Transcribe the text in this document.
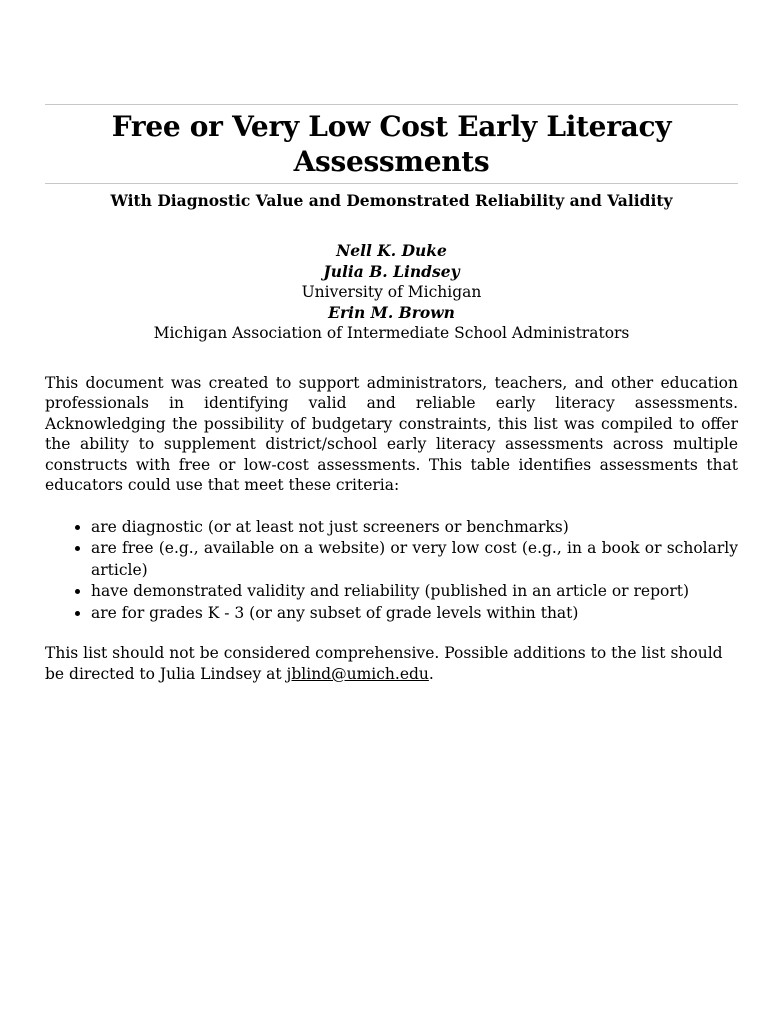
Free or Very Low Cost Early Literacy Assessments
With Diagnostic Value and Demonstrated Reliability and Validity
Nell K. Duke
Julia B. Lindsey
University of Michigan
Erin M. Brown
Michigan Association of Intermediate School Administrators

This document was created to support administrators, teachers, and other education professionals in identifying valid and reliable early literacy assessments. Acknowledging the possibility of budgetary constraints, this list was compiled to offer the ability to supplement district/school early literacy assessments across multiple constructs with free or low-cost assessments. This table identifies assessments that educators could use that meet these criteria:

• are diagnostic (or at least not just screeners or benchmarks)
• are free (e.g., available on a website) or very low cost (e.g., in a book or scholarly article)
• have demonstrated validity and reliability (published in an article or report)
• are for grades K - 3 (or any subset of grade levels within that)

This list should not be considered comprehensive. Possible additions to the list should be directed to Julia Lindsey at jblind@umich.edu.
